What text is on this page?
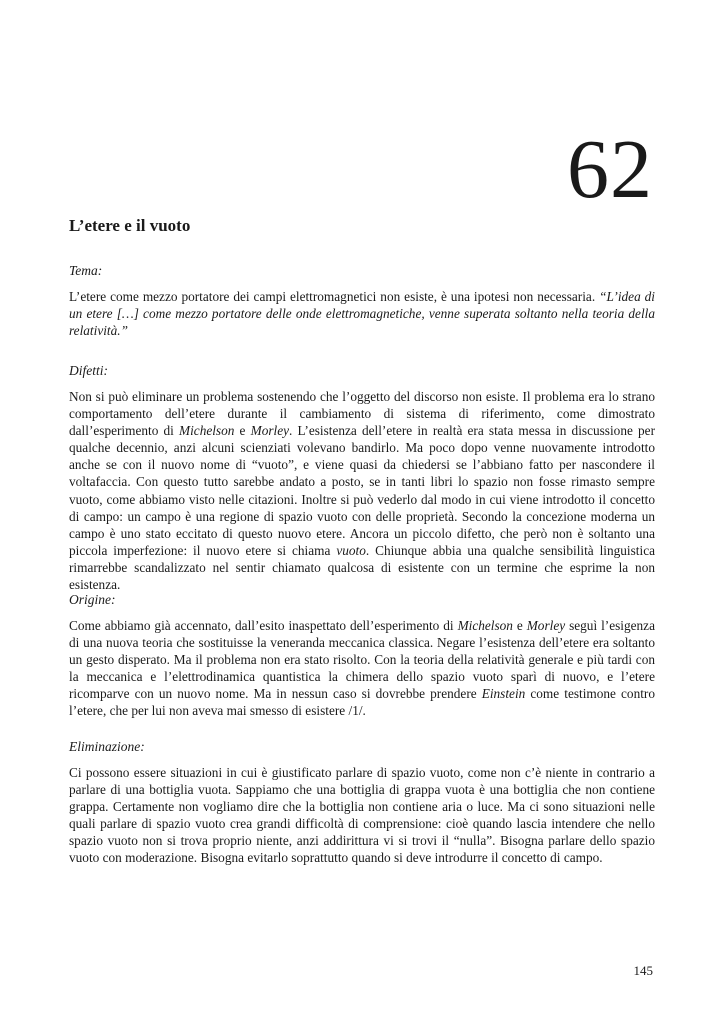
62
L’etere e il vuoto

Tema:

L’etere come mezzo portatore dei campi elettromagnetici non esiste, è una ipotesi non necessaria. “L’idea di un etere […] come mezzo portatore delle onde elettromagnetiche, venne superata soltanto nella teoria della relatività.”

Difetti:

Non si può eliminare un problema sostenendo che l’oggetto del discorso non esiste. Il problema era lo strano comportamento dell’etere durante il cambiamento di sistema di riferimento, come dimostrato dall’esperimento di Michelson e Morley. L’esistenza dell’etere in realtà era stata messa in discussione per qualche decennio, anzi alcuni scienziati volevano bandirlo. Ma poco dopo venne nuovamente introdotto anche se con il nuovo nome di “vuoto”, e viene quasi da chiedersi se l’abbiano fatto per nascondere il voltafaccia. Con questo tutto sarebbe andato a posto, se in tanti libri lo spazio non fosse rimasto sempre vuoto, come abbiamo visto nelle citazioni. Inoltre si può vederlo dal modo in cui viene introdotto il concetto di campo: un campo è una regione di spazio vuoto con delle proprietà. Secondo la concezione moderna un campo è uno stato eccitato di questo nuovo etere. Ancora un piccolo difetto, che però non è soltanto una piccola imperfezione: il nuovo etere si chiama vuoto. Chiunque abbia una qualche sensibilità linguistica rimarrebbe scandalizzato nel sentir chiamato qualcosa di esistente con un termine che esprime la non esistenza.

Origine:

Come abbiamo già accennato, dall’esito inaspettato dell’esperimento di Michelson e Morley seguì l’esigenza di una nuova teoria che sostituisse la veneranda meccanica classica. Negare l’esistenza dell’etere era soltanto un gesto disperato. Ma il problema non era stato risolto. Con la teoria della relatività generale e più tardi con la meccanica e l’elettrodinamica quantistica la chimera dello spazio vuoto sparì di nuovo, e l’etere ricomparve con un nuovo nome. Ma in nessun caso si dovrebbe prendere Einstein come testimone contro l’etere, che per lui non aveva mai smesso di esistere /1/.

Eliminazione:

Ci possono essere situazioni in cui è giustificato parlare di spazio vuoto, come non c’è niente in contrario a parlare di una bottiglia vuota. Sappiamo che una bottiglia di grappa vuota è una bottiglia che non contiene grappa. Certamente non vogliamo dire che la bottiglia non contiene aria o luce. Ma ci sono situazioni nelle quali parlare di spazio vuoto crea grandi difficoltà di comprensione: cioè quando lascia intendere che nello spazio vuoto non si trova proprio niente, anzi addirittura vi si trovi il “nulla”. Bisogna parlare dello spazio vuoto con moderazione. Bisogna evitarlo soprattutto quando si deve introdurre il concetto di campo.

145
